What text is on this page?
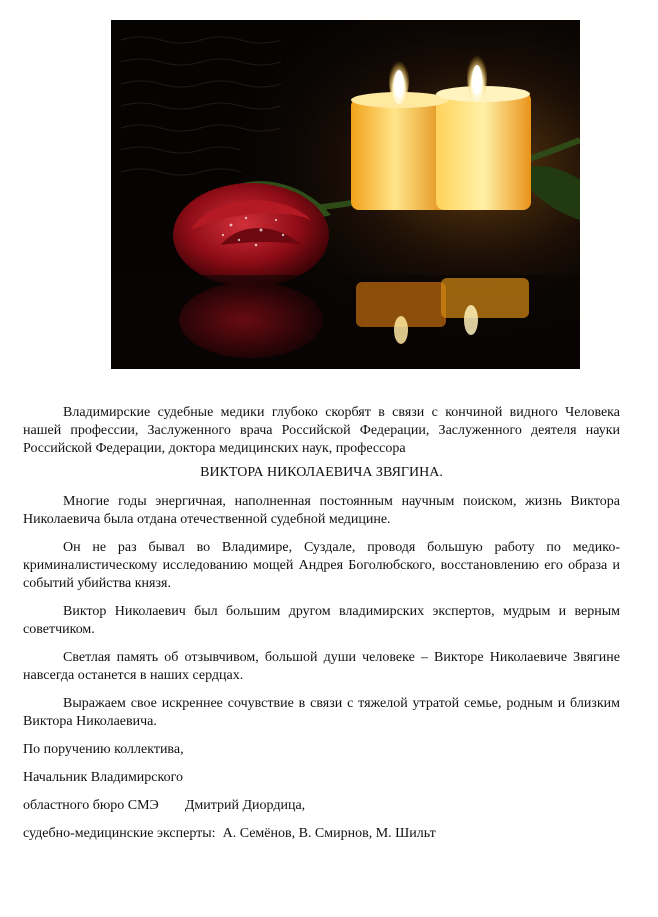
Владимирские судебные медики глубоко скорбят в связи с кончиной видного Человека нашей профессии, Заслуженного врача Российской Федерации, Заслуженного деятеля науки Российской Федерации, доктора медицинских наук, профессора

ВИКТОРА НИКОЛАЕВИЧА ЗВЯГИНА.

Многие годы энергичная, наполненная постоянным научным поиском, жизнь Виктора Николаевича была отдана отечественной судебной медицине.

Он не раз бывал во Владимире, Суздале, проводя большую работу по медико-криминалистическому исследованию мощей Андрея Боголюбского, восстановлению его образа и событий убийства князя.

Виктор Николаевич был большим другом владимирских экспертов, мудрым и верным советчиком.

Светлая память об отзывчивом, большой души человеке – Викторе Николаевиче Звягине навсегда останется в наших сердцах.

Выражаем свое искреннее сочувствие в связи с тяжелой утратой семье, родным и близким Виктора Николаевича.

По поручению коллектива,

Начальник Владимирского

областного бюро СМЭ Дмитрий Диордица,

судебно-медицинские эксперты: А. Семёнов, В. Смирнов, М. Шильт
